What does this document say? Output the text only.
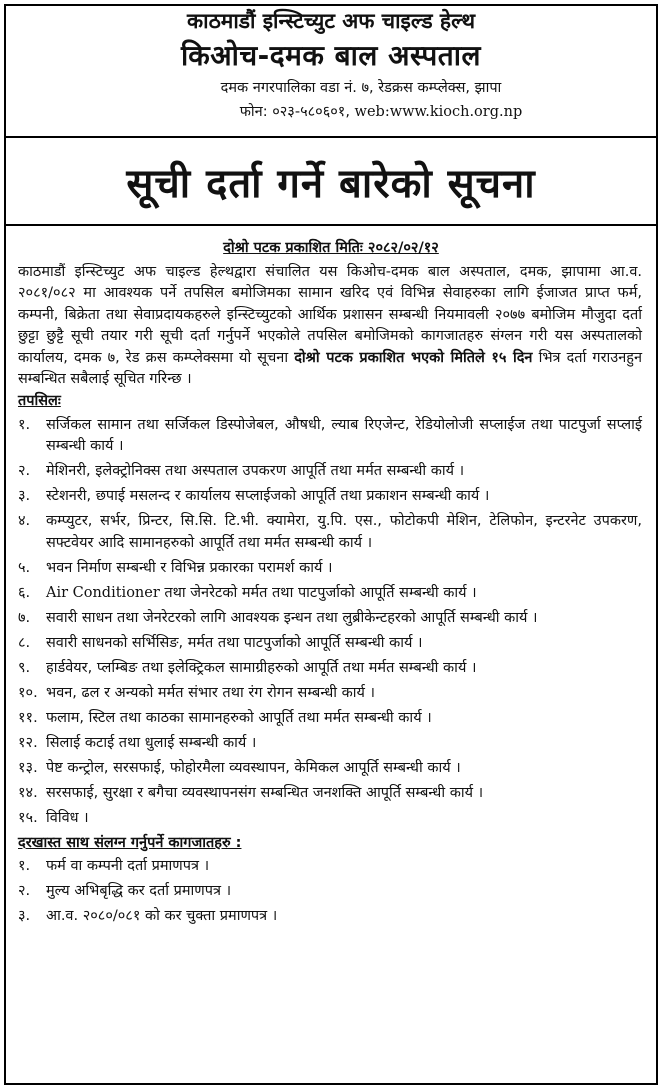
काठमाडौं इन्स्टिच्युट अफ चाइल्ड हेल्थ
किओच-दमक बाल अस्पताल
दमक नगरपालिका वडा नं. ७, रेडक्रस कम्प्लेक्स, झापा
फोन: ०२३-५८०६०१, web:www.kioch.org.np
सूची दर्ता गर्ने बारेको सूचना
दोश्रो पटक प्रकाशित मितिः २०८२/०२/१२
काठमाडौं इन्स्टिच्युट अफ चाइल्ड हेल्थद्वारा संचालित यस किओच-दमक बाल अस्पताल, दमक, झापामा आ.व. २०८१/०८२ मा आवश्यक पर्ने तपसिल बमोजिमका सामान खरिद एवं विभिन्न सेवाहरुका लागि ईजाजत प्राप्त फर्म, कम्पनी, बिक्रेता तथा सेवाप्रदायकहरुले इन्स्टिच्युटको आर्थिक प्रशासन सम्बन्धी नियमावली २०७७ बमोजिम मौजुदा दर्ता छुट्टा छुट्टै सूची तयार गरी सूची दर्ता गर्नुपर्ने भएकोले तपसिल बमोजिमको कागजातहरु संग्लन गरी यस अस्पतालको कार्यालय, दमक ७, रेड क्रस कम्प्लेक्समा यो सूचना दोश्रो पटक प्रकाशित भएको मितिले १५ दिन भित्र दर्ता गराउनहुन सम्बन्धित सबैलाई सूचित गरिन्छ ।
तपसिलः
१.	सर्जिकल सामान तथा सर्जिकल डिस्पोजेबल, औषधी, ल्याब रिएजेन्ट, रेडियोलोजी सप्लाईज तथा पाटपुर्जा सप्लाई सम्बन्धी कार्य ।
२.	मेशिनरी, इलेक्ट्रोनिक्स तथा अस्पताल उपकरण आपूर्ति तथा मर्मत सम्बन्धी कार्य ।
३.	स्टेशनरी, छपाई मसलन्द र कार्यालय सप्लाईजको आपूर्ति तथा प्रकाशन सम्बन्धी कार्य ।
४.	कम्प्युटर, सर्भर, प्रिन्टर, सि.सि. टि.भी. क्यामेरा, यु.पि. एस., फोटोकपी मेशिन, टेलिफोन, इन्टरनेट उपकरण, सफ्टवेयर आदि सामानहरुको आपूर्ति तथा मर्मत सम्बन्धी कार्य ।
५.	भवन निर्माण सम्बन्धी र विभिन्न प्रकारका परामर्श कार्य ।
६.	Air Conditioner तथा जेनरेटको मर्मत तथा पाटपुर्जाको आपूर्ति सम्बन्धी कार्य ।
७.	सवारी साधन तथा जेनरेटरको लागि आवश्यक इन्धन तथा लुब्रीकेन्टहरको आपूर्ति सम्बन्धी कार्य ।
८.	सवारी साधनको सर्भिसिङ, मर्मत तथा पाटपुर्जाको आपूर्ति सम्बन्धी कार्य ।
९.	हार्डवेयर, प्लम्बिङ तथा इलेक्ट्रिकल सामाग्रीहरुको आपूर्ति तथा मर्मत सम्बन्धी कार्य ।
१०. भवन, ढल र अन्यको मर्मत संभार तथा रंग रोगन सम्बन्धी कार्य ।
११. फलाम, स्टिल तथा काठका सामानहरुको आपूर्ति तथा मर्मत सम्बन्धी कार्य ।
१२. सिलाई कटाई तथा धुलाई सम्बन्धी कार्य ।
१३. पेष्ट कन्ट्रोल, सरसफाई, फोहोरमैला व्यवस्थापन, केमिकल आपूर्ति सम्बन्धी कार्य ।
१४. सरसफाई, सुरक्षा र बगैचा व्यवस्थापनसंग सम्बन्धित जनशक्ति आपूर्ति सम्बन्धी कार्य ।
१५. विविध ।
दरखास्त साथ संलग्न गर्नुपर्ने कागजातहरु :
१.	फर्म वा कम्पनी दर्ता प्रमाणपत्र ।
२.	मुल्य अभिबृद्धि कर दर्ता प्रमाणपत्र ।
३.	आ.व. २०८०/०८१ को कर चुक्ता प्रमाणपत्र ।
